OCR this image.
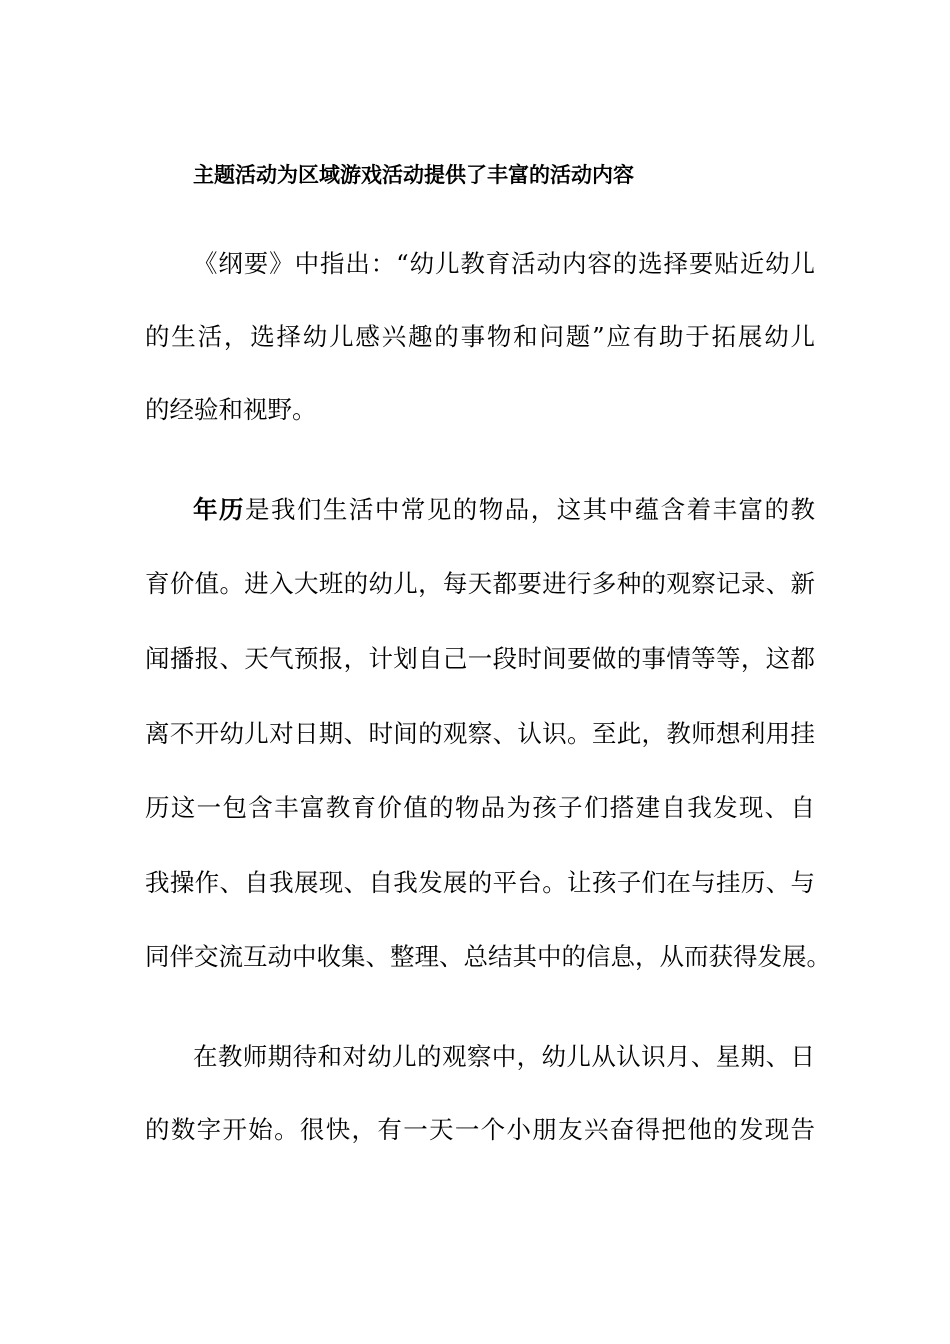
主题活动为区域游戏活动提供了丰富的活动内容

《纲要》中指出：“幼儿教育活动内容的选择要贴近幼儿

的生活，选择幼儿感兴趣的事物和问题”应有助于拓展幼儿

的经验和视野。

年历是我们生活中常见的物品，这其中蕴含着丰富的教

育价值。进入大班的幼儿，每天都要进行多种的观察记录、新

闻播报、天气预报，计划自己一段时间要做的事情等等，这都

离不开幼儿对日期、时间的观察、认识。至此，教师想利用挂

历这一包含丰富教育价值的物品为孩子们搭建自我发现、自

我操作、自我展现、自我发展的平台。让孩子们在与挂历、与

同伴交流互动中收集、整理、总结其中的信息，从而获得发展。

在教师期待和对幼儿的观察中，幼儿从认识月、星期、日

的数字开始。很快，有一天一个小朋友兴奋得把他的发现告
